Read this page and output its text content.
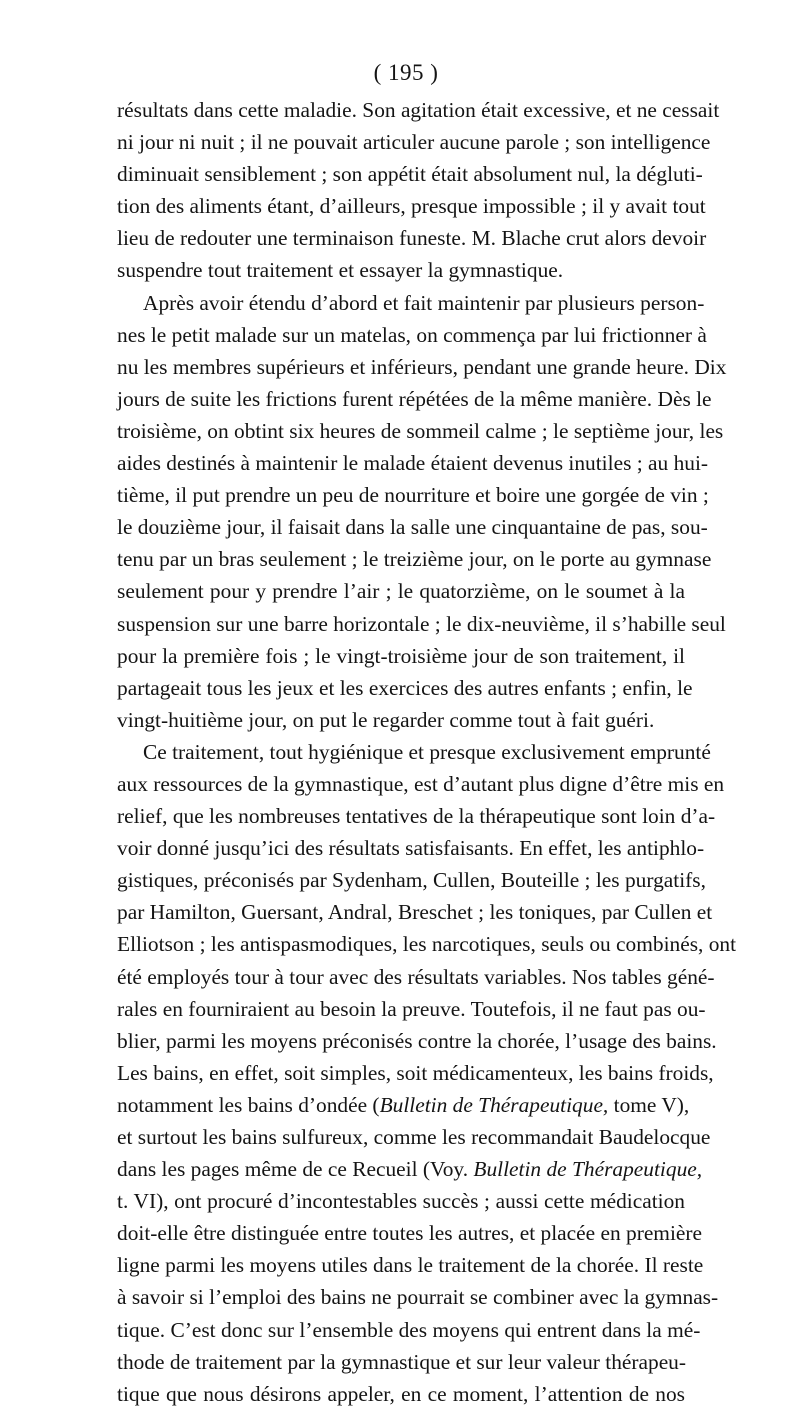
( 195 )
résultats dans cette maladie. Son agitation était excessive, et ne cessait
ni jour ni nuit ; il ne pouvait articuler aucune parole ; son intelligence
diminuait sensiblement ; son appétit était absolument nul, la dégluti-
tion des aliments étant, d’ailleurs, presque impossible ; il y avait tout
lieu de redouter une terminaison funeste. M. Blache crut alors devoir
suspendre tout traitement et essayer la gymnastique.
Après avoir étendu d’abord et fait maintenir par plusieurs person-
nes le petit malade sur un matelas, on commença par lui frictionner à
nu les membres supérieurs et inférieurs, pendant une grande heure. Dix
jours de suite les frictions furent répétées de la même manière. Dès le
troisième, on obtint six heures de sommeil calme ; le septième jour, les
aides destinés à maintenir le malade étaient devenus inutiles ; au hui-
tième, il put prendre un peu de nourriture et boire une gorgée de vin ;
le douzième jour, il faisait dans la salle une cinquantaine de pas, sou-
tenu par un bras seulement ; le treizième jour, on le porte au gymnase
seulement pour y prendre l’air ; le quatorzième, on le soumet à la
suspension sur une barre horizontale ; le dix-neuvième, il s’habille seul
pour la première fois ; le vingt-troisième jour de son traitement, il
partageait tous les jeux et les exercices des autres enfants ; enfin, le
vingt-huitième jour, on put le regarder comme tout à fait guéri.
Ce traitement, tout hygiénique et presque exclusivement emprunté
aux ressources de la gymnastique, est d’autant plus digne d’être mis en
relief, que les nombreuses tentatives de la thérapeutique sont loin d’a-
voir donné jusqu’ici des résultats satisfaisants. En effet, les antiphlo-
gistiques, préconisés par Sydenham, Cullen, Bouteille ; les purgatifs,
par Hamilton, Guersant, Andral, Breschet ; les toniques, par Cullen et
Elliotson ; les antispasmodiques, les narcotiques, seuls ou combinés, ont
été employés tour à tour avec des résultats variables. Nos tables géné-
rales en fourniraient au besoin la preuve. Toutefois, il ne faut pas ou-
blier, parmi les moyens préconisés contre la chorée, l’usage des bains.
Les bains, en effet, soit simples, soit médicamenteux, les bains froids,
notamment les bains d’ondée (Bulletin de Thérapeutique, tome V),
et surtout les bains sulfureux, comme les recommandait Baudelocque
dans les pages même de ce Recueil (Voy. Bulletin de Thérapeutique,
t. VI), ont procuré d’incontestables succès ; aussi cette médication
doit-elle être distinguée entre toutes les autres, et placée en première
ligne parmi les moyens utiles dans le traitement de la chorée. Il reste
à savoir si l’emploi des bains ne pourrait se combiner avec la gymnas-
tique. C’est donc sur l’ensemble des moyens qui entrent dans la mé-
thode de traitement par la gymnastique et sur leur valeur thérapeu-
tique que nous désirons appeler, en ce moment, l’attention de nos
